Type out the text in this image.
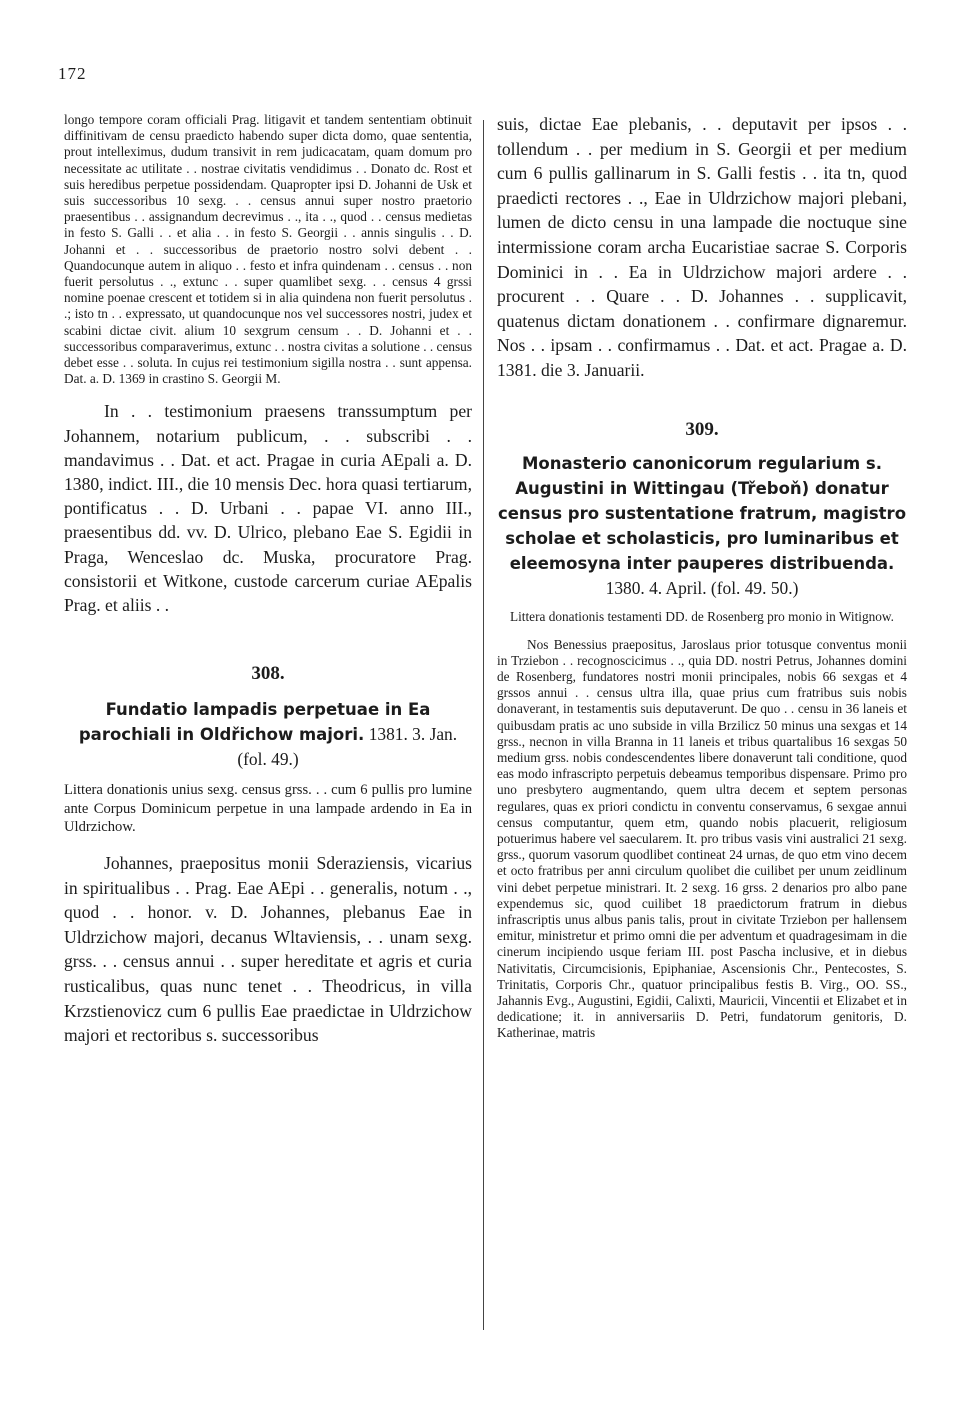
172

longo tempore coram officiali Prag. litigavit et tandem sententiam obtinuit diffinitivam de censu praedicto habendo super dicta domo, quae sententia, prout intelleximus, dudum transivit in rem judicacatam, quam domum pro necessitate ac utilitate . . nostrae civitatis vendidimus . . Donato dc. Rost et suis heredibus perpetue possidendam. Quapropter ipsi D. Johanni de Usk et suis successoribus 10 sexg. . . census annui super nostro praetorio praesentibus . . assignandum decrevimus . ., ita . ., quod . . census medietas in festo S. Galli . . et alia . . in festo S. Georgii . . annis singulis . . D. Johanni et . . successoribus de praetorio nostro solvi debent . . Quandocunque autem in aliquo . . festo et infra quindenam . . census . . non fuerit persolutus . ., extunc . . super quamlibet sexg. . . census 4 grssi nomine poenae crescent et totidem si in alia quindena non fuerit persolutus . .; isto tn . . expressato, ut quandocunque nos vel successores nostri, judex et scabini dictae civit. alium 10 sexgrum censum . . D. Johanni et . . successoribus comparaverimus, extunc . . nostra civitas a solutione . . census debet esse . . soluta. In cujus rei testimonium sigilla nostra . . sunt appensa. Dat. a. D. 1369 in crastino S. Georgii M.

In . . testimonium praesens transsumptum per Johannem, notarium publicum, . . subscribi . . mandavimus . . Dat. et act. Pragae in curia AEpali a. D. 1380, indict. III., die 10 mensis Dec. hora quasi tertiarum, pontificatus . . D. Urbani . . papae VI. anno III., praesentibus dd. vv. D. Ulrico, plebano Eae S. Egidii in Praga, Wenceslao dc. Muska, procuratore Prag. consistorii et Witkone, custode carcerum curiae AEpalis Prag. et aliis . .

308.

Fundatio lampadis perpetuae in Ea parochiali in Oldřichow majori. 1381. 3. Jan.
(fol. 49.)

Littera donationis unius sexg. census grss. . . cum 6 pullis pro lumine ante Corpus Dominicum perpetue in una lampade ardendo in Ea in Uldrzichow.

Johannes, praepositus monii Sderaziensis, vicarius in spiritualibus . . Prag. Eae AEpi . . generalis, notum . ., quod . . honor. v. D. Johannes, plebanus Eae in Uldrzichow majori, decanus Wltaviensis, . . unam sexg. grss. . . census annui . . super hereditate et agris et curia rusticalibus, quas nunc tenet . . Theodricus, in villa Krzstienovicz cum 6 pullis Eae praedictae in Uldrzichow majori et rectoribus s. successoribus

suis, dictae Eae plebanis, . . deputavit per ipsos . . tollendum . . per medium in S. Georgii et per medium cum 6 pullis gallinarum in S. Galli festis . . ita tn, quod praedicti rectores . ., Eae in Uldrzichow majori plebani, lumen de dicto censu in una lampade die noctuque sine intermissione coram archa Eucaristiae sacrae S. Corporis Dominici in . . Ea in Uldrzichow majori ardere . . procurent . . Quare . . D. Johannes . . supplicavit, quatenus dictam donationem . . confirmare dignaremur. Nos . . ipsam . . confirmamus . . Dat. et act. Pragae a. D. 1381. die 3. Januarii.

309.

Monasterio canonicorum regularium s. Augustini in Wittingau (Třeboň) donatur census pro sustentatione fratrum, magistro scholae et scholasticis, pro luminaribus et eleemosyna inter pauperes distribuenda. 1380. 4. April. (fol. 49. 50.)

Littera donationis testamenti DD. de Rosenberg pro monio in Witignow.

Nos Benessius praepositus, Jaroslaus prior totusque conventus monii in Trziebon . . recognoscicimus . ., quia DD. nostri Petrus, Johannes domini de Rosenberg, fundatores nostri monii principales, nobis 66 sexgas et 4 grssos annui . . census ultra illa, quae prius cum fratribus suis nobis donaverant, in testamentis suis deputaverunt. De quo . . censu in 36 laneis et quibusdam pratis ac uno subside in villa Brzilicz 50 minus una sexgas et 14 grss., necnon in villa Branna in 11 laneis et tribus quartalibus 16 sexgas 50 medium grss. nobis condescendentes libere donaverunt tali conditione, quod eas modo infrascripto perpetuis debeamus temporibus dispensare. Primo pro uno presbytero augmentando, quem ultra decem et septem personas regulares, quas ex priori condictu in conventu conservamus, 6 sexgae annui census computantur, quem etm, quando nobis placuerit, religiosum potuerimus habere vel saecularem. It. pro tribus vasis vini australici 21 sexg. grss., quorum vasorum quodlibet contineat 24 urnas, de quo etm vino decem et octo fratribus per anni circulum quolibet die cuilibet per unum zeidlinum vini debet perpetue ministrari. It. 2 sexg. 16 grss. 2 denarios pro albo pane expendemus sic, quod cuilibet 18 praedictorum fratrum in diebus infrascriptis unus albus panis talis, prout in civitate Trziebon per hallensem emitur, ministretur et primo omni die per adventum et quadragesimam in die cinerum incipiendo usque feriam III. post Pascha inclusive, et in diebus Nativitatis, Circumcisionis, Epiphaniae, Ascensionis Chr., Pentecostes, S. Trinitatis, Corporis Chr., quatuor principalibus festis B. Virg., OO. SS., Jahannis Evg., Augustini, Egidii, Calixti, Mauricii, Vincentii et Elizabet et in dedicatione; it. in anniversariis D. Petri, fundatorum genitoris, D. Katherinae, matris
